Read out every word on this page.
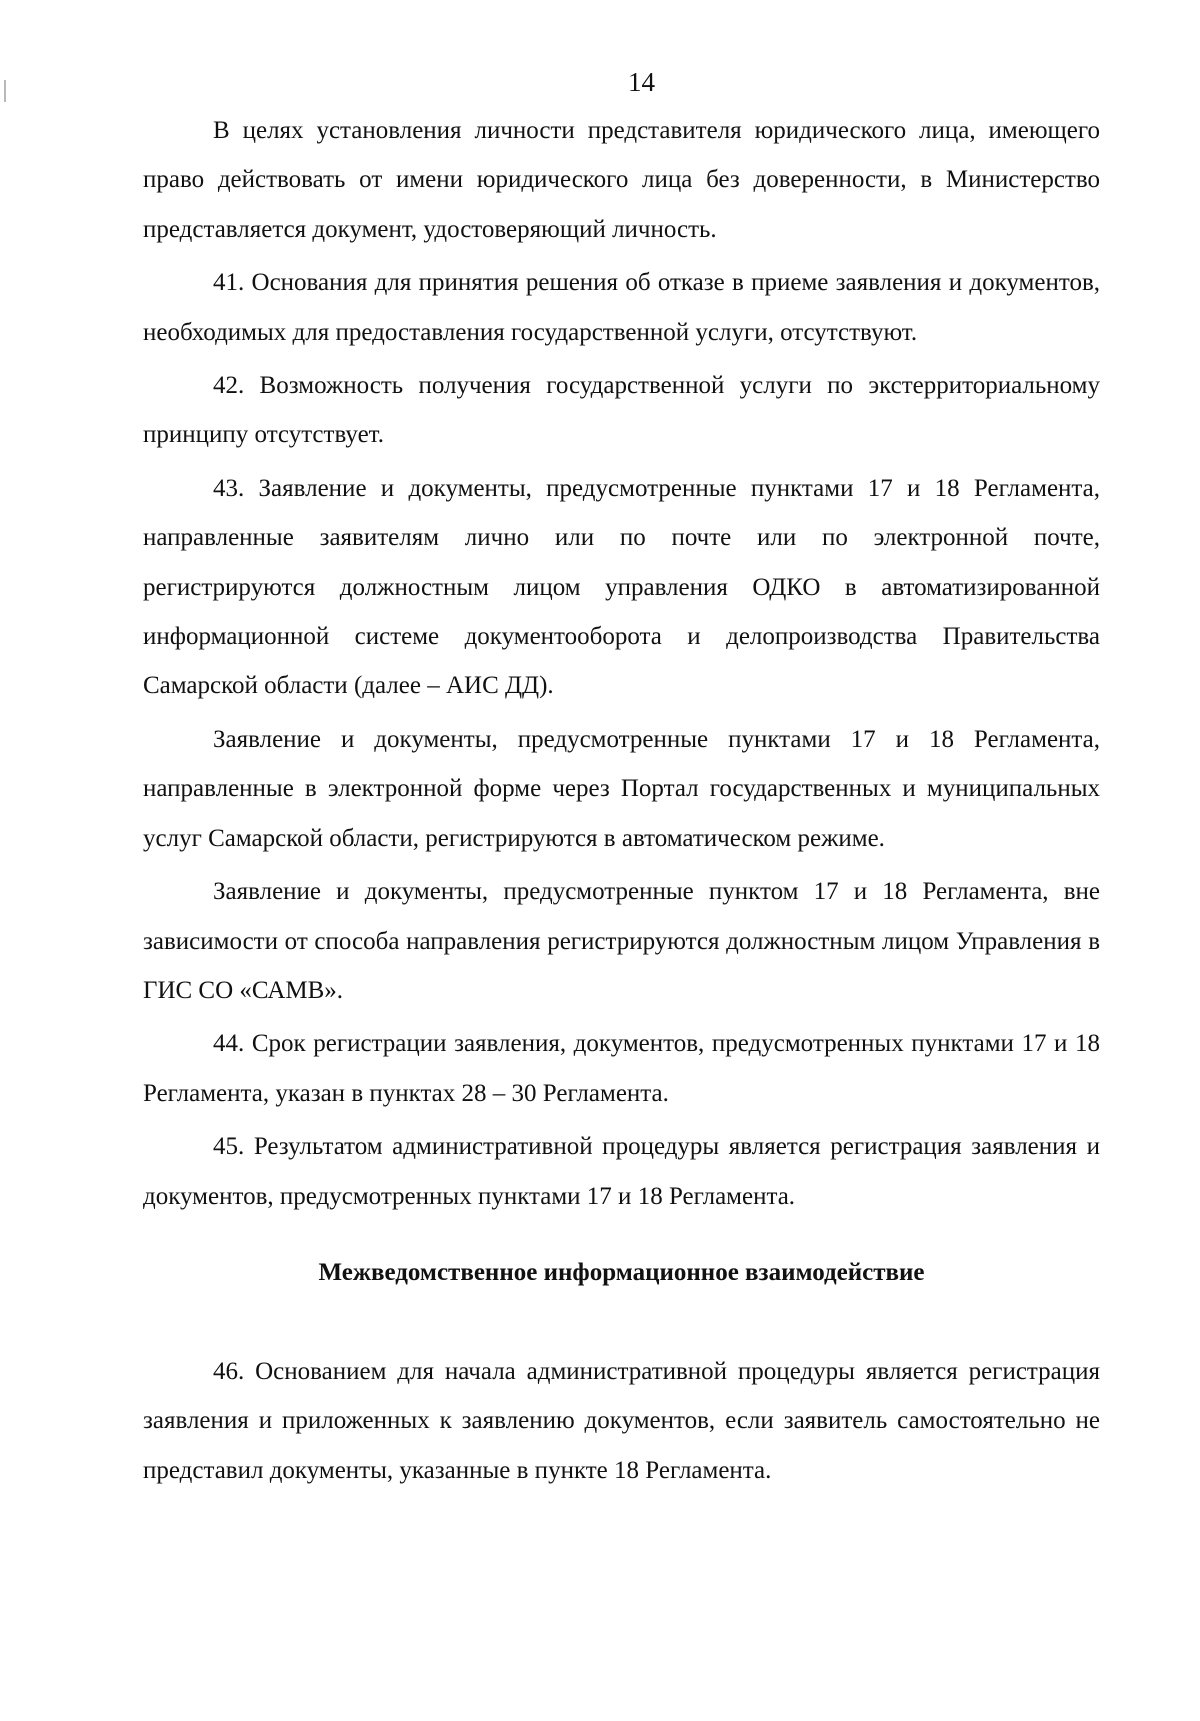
14

В целях установления личности представителя юридического лица, имеющего право действовать от имени юридического лица без доверенности, в Министерство представляется документ, удостоверяющий личность.

41. Основания для принятия решения об отказе в приеме заявления и документов, необходимых для предоставления государственной услуги, отсутствуют.

42. Возможность получения государственной услуги по экстерриториальному принципу отсутствует.

43. Заявление и документы, предусмотренные пунктами 17 и 18 Регламента, направленные заявителям лично или по почте или по электронной почте, регистрируются должностным лицом управления ОДКО в автоматизированной информационной системе документооборота и делопроизводства Правительства Самарской области (далее – АИС ДД).

Заявление и документы, предусмотренные пунктами 17 и 18 Регламента, направленные в электронной форме через Портал государственных и муниципальных услуг Самарской области, регистрируются в автоматическом режиме.

Заявление и документы, предусмотренные пунктом 17 и 18 Регламента, вне зависимости от способа направления регистрируются должностным лицом Управления в ГИС СО «САМВ».

44. Срок регистрации заявления, документов, предусмотренных пунктами 17 и 18 Регламента, указан в пунктах 28 – 30 Регламента.

45. Результатом административной процедуры является регистрация заявления и документов, предусмотренных пунктами 17 и 18 Регламента.

Межведомственное информационное взаимодействие

46. Основанием для начала административной процедуры является регистрация заявления и приложенных к заявлению документов, если заявитель самостоятельно не представил документы, указанные в пункте 18 Регламента.
